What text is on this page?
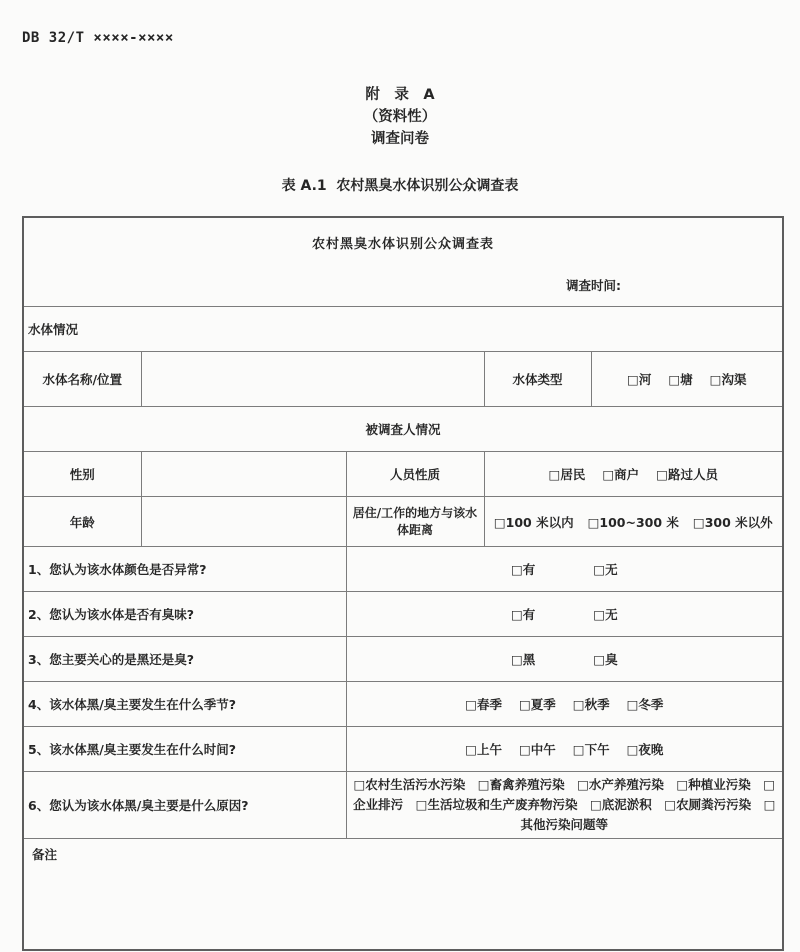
DB 32/T ××××-××××
附　录　A
（资料性）
调查问卷
表 A.1  农村黑臭水体识别公众调查表
农村黑臭水体识别公众调查表
调查时间:				

水体情况				
水体名称/位置			水体类型	□河 □塘 □沟渠

被调查人情况				
性别		人员性质	□居民 □商户 □路过人员	

年龄		居住/工作的地方与该水体距离	□100 米以内 □100~300 米 □300 米以外	

1、您认为该水体颜色是否异常?		□有 □无		

2、您认为该水体是否有臭味?		□有 □无		

3、您主要关心的是黑还是臭?		□黑 □臭		

4、该水体黑/臭主要发生在什么季节?		□春季 □夏季 □秋季 □冬季		

5、该水体黑/臭主要发生在什么时间?		□上午 □中午 □下午 □夜晚		

6、您认为该水体黑/臭主要是什么原因?		□农村生活污水污染　□畜禽养殖污染　□水产养殖污染　□种植业污染　□企业排污　□生活垃圾和生产废弃物污染　□底泥淤积　□农厕粪污污染　□其他污染问题等		
备注				
